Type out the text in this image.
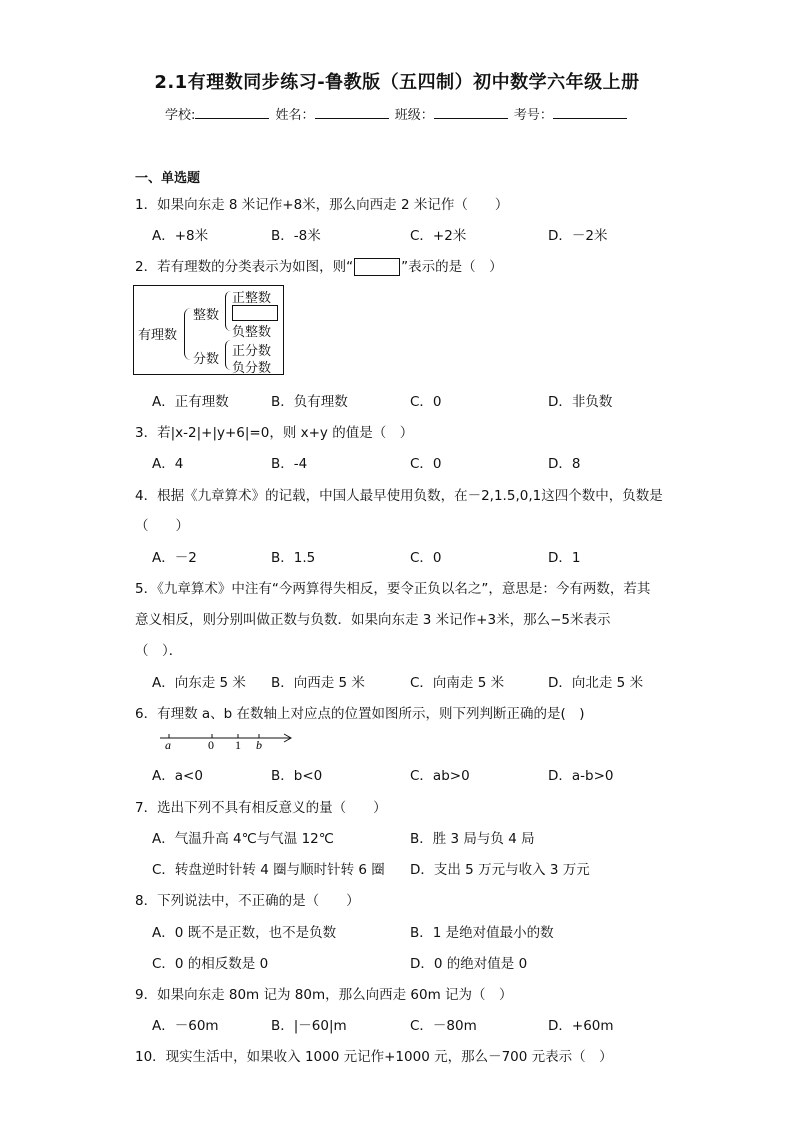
2.1有理数同步练习-鲁教版（五四制）初中数学六年级上册
学校:	姓名：	班级：	考号：
一、单选题
1．如果向东走 8 米记作+8米，那么向西走 2 米记作（　　）
A．+8米	B．-8米	C．+2米	D．－2米
2．若有理数的分类表示为如图，则“	”表示的是（　）
有理数
整数
分数
正整数
负整数
正分数
负分数
A．正有理数	B．负有理数	C．0	D．非负数
3．若|x-2|+|y+6|=0，则 x+y 的值是（　）
A．4	B．-4	C．0	D．8
4．根据《九章算术》的记载，中国人最早使用负数，在－2,1.5,0,1这四个数中，负数是
（　　）
A．－2	B．1.5	C．0	D．1
5．《九章算术》中注有“今两算得失相反，要令正负以名之”，意思是：今有两数，若其
意义相反，则分别叫做正数与负数．如果向东走 3 米记作+3米，那么−5米表示
（　）．
A．向东走 5 米 B．向西走 5 米	C．向南走 5 米	D．向北走 5 米
6．有理数 a、b 在数轴上对应点的位置如图所示，则下列判断正确的是(　)
a	0 1 b
A．a<0	B．b<0	C．ab>0	D．a-b>0
7．选出下列不具有相反意义的量（　　）
A．气温升高 4℃与气温 12℃	B．胜 3 局与负 4 局
C．转盘逆时针转 4 圈与顺时针转 6 圈 D．支出 5 万元与收入 3 万元
8．下列说法中，不正确的是（　　）
A．0 既不是正数，也不是负数	B．1 是绝对值最小的数
C．0 的相反数是 0	D．0 的绝对值是 0
9．如果向东走 80m 记为 80m，那么向西走 60m 记为（　）
A．－60m	B．|－60|m	C．－80m	D．+60m
10．现实生活中，如果收入 1000 元记作+1000 元，那么－700 元表示（　）
